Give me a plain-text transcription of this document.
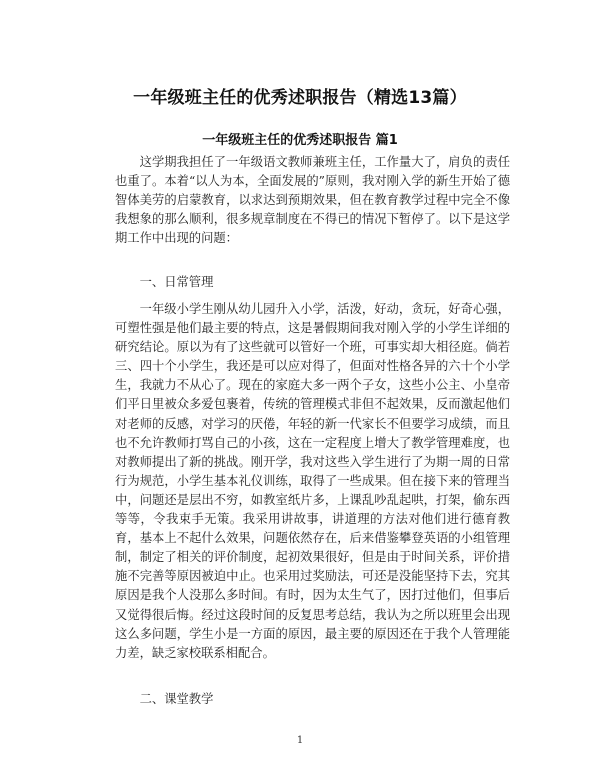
一年级班主任的优秀述职报告（精选13篇）
一年级班主任的优秀述职报告 篇1

这学期我担任了一年级语文教师兼班主任，工作量大了，肩负的责任也重了。本着“以人为本，全面发展的”原则，我对刚入学的新生开始了德智体美劳的启蒙教育，以求达到预期效果，但在教育教学过程中完全不像我想象的那么顺利，很多规章制度在不得已的情况下暂停了。以下是这学期工作中出现的问题：

一、日常管理

一年级小学生刚从幼儿园升入小学，活泼，好动，贪玩，好奇心强，可塑性强是他们最主要的特点，这是暑假期间我对刚入学的小学生详细的研究结论。原以为有了这些就可以管好一个班，可事实却大相径庭。倘若三、四十个小学生，我还是可以应对得了，但面对性格各异的六十个小学生，我就力不从心了。现在的家庭大多一两个子女，这些小公主、小皇帝们平日里被众多爱包裹着，传统的管理模式非但不起效果，反而激起他们对老师的反感，对学习的厌倦，年轻的新一代家长不但要学习成绩，而且也不允许教师打骂自己的小孩，这在一定程度上增大了教学管理难度，也对教师提出了新的挑战。刚开学，我对这些入学生进行了为期一周的日常行为规范，小学生基本礼仪训练，取得了一些成果。但在接下来的管理当中，问题还是层出不穷，如教室纸片多，上课乱吵乱起哄，打架，偷东西等等，令我束手无策。我采用讲故事，讲道理的方法对他们进行德育教育，基本上不起什么效果，问题依然存在，后来借鉴攀登英语的小组管理制，制定了相关的评价制度，起初效果很好，但是由于时间关系，评价措施不完善等原因被迫中止。也采用过奖励法，可还是没能坚持下去，究其原因是我个人没那么多时间。有时，因为太生气了，因打过他们，但事后又觉得很后悔。经过这段时间的反复思考总结，我认为之所以班里会出现这么多问题，学生小是一方面的原因，最主要的原因还在于我个人管理能力差，缺乏家校联系相配合。

二、课堂教学
1
